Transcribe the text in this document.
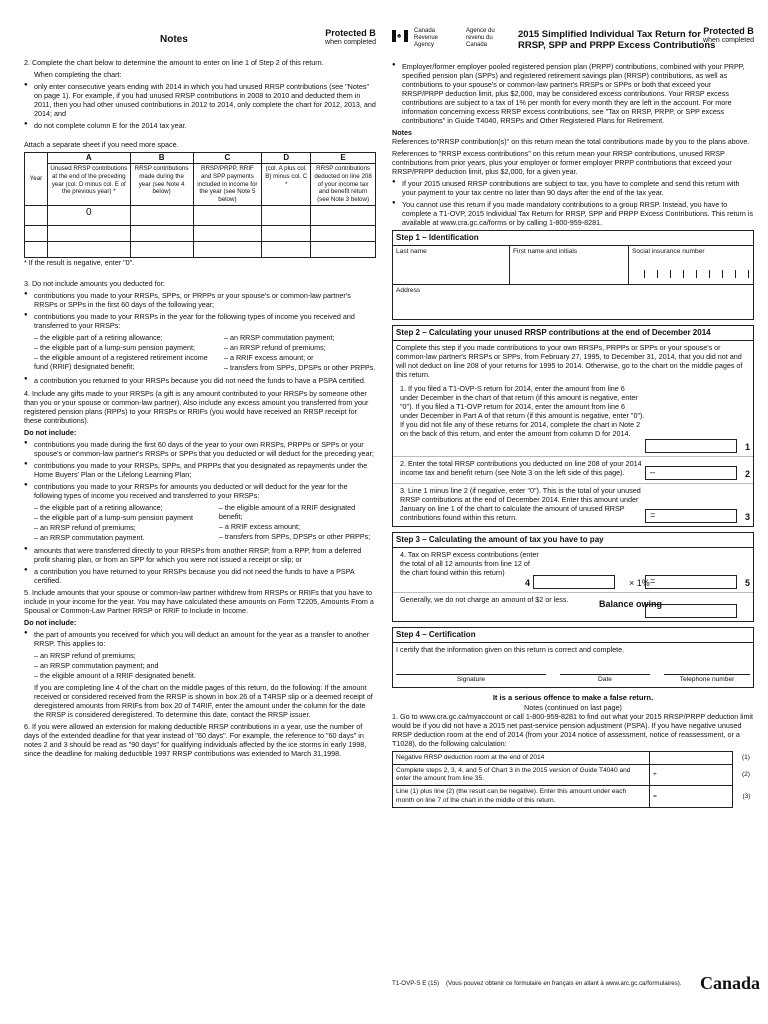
Notes
Protected B
when completed
♠ Canada Revenue Agency
Agence du revenu du Canada
2015 Simplified Individual Tax Return for
RRSP, SPP and PRPP Excess Contributions
Protected B
when completed

2. Complete the chart below to determine the amount to enter on line 1 of Step 2 of this return.

When completing the chart:

● only enter consecutive years ending with 2014 in which you had unused RRSP contributions (see "Notes" on page 1). For example, if you had unused RRSP contributions in 2008 to 2010 and deducted them in 2011, then you had other unused contributions in 2012 to 2014, only complete the chart for 2012, 2013, and 2014; and
● do not complete column E for the 2014 tax year.

Attach a separate sheet if you need more space.

Year	A	B	C	D	E
	Unused RRSP contributions at the end of the preceding year (col. D minus col. E of the previous year) *	RRSP contributions made during the year (see Note 4 below)	RRSP/PRPP, RRIF and SPP payments included in income for the year (see Note 5 below)	(col. A plus col. B) minus col. C *	RRSP contributions deducted on line 208 of your income tax and benefit return (see Note 3 below)
	0				

* If the result is negative, enter "0".

3. Do not include amounts you deducted for:

● contributions you made to your RRSPs, SPPs, or PRPPs or your spouse's or common-law partner's RRSPs or SPPs in the first 60 days of the following year;
● contributions you made to your RRSPs in the year for the following types of income you received and transferred to your RRSPs:
– the eligible part of a retiring allowance;
– the eligible part of a lump-sum pension payment;
– the eligible amount of a registered retirement income fund (RRIF) designated benefit;
– an RRSP commutation payment;
– an RRSP refund of premiums;
– a RRIF excess amount; or
– transfers from SPPs, DPSPs or other PRPPs.
● a contribution you returned to your RRSPs because you did not need the funds to have a PSPA certified.

4. Include any gifts made to your RRSPs (a gift is any amount contributed to your RRSPs by someone other than you or your spouse or common-law partner). Also include any excess amount you transferred from your registered pension plans (RPPs) to your RRSPs or RRIFs (you would have received an RRSP receipt for these contributions).

Do not include:

● contributions you made during the first 60 days of the year to your own RRSPs, PRPPs or SPPs or your spouse's or common-law partner's RRSPs or SPPs that you deducted or will deduct for the preceding year;
● contributions you made to your RRSPs, SPPs, and PRPPs that you designated as repayments under the Home Buyers' Plan or the Lifelong Learning Plan;
● contributions you made to your RRSPs for amounts you deducted or will deduct for the year for the following types of income you received and transferred to your RRSPs:
– the eligible part of a retiring allowance;
– the eligible part of a lump-sum pension payment
– an RRSP refund of premiums;
– an RRSP commutation payment.
– the eligible amount of a RRIF designated benefit;
– a RRIF excess amount;
– transfers from SPPs, DPSPs or other PRPPs;
● amounts that were transferred directly to your RRSPs from another RRSP, from a RPP, from a deferred profit sharing plan, or from an SPP for which you were not issued a receipt or slip; or
● a contribution you have returned to your RRSPs because you did not need the funds to have a PSPA certified.

5. Include amounts that your spouse or common-law partner withdrew from RRSPs or RRIFs that you have to include in your income for the year. You may have calculated these amounts on Form T2205, Amounts From a Spousal or Common-Law Partner RRSP or RRIF to Include in Income.

Do not include:

● the part of amounts you received for which you will deduct an amount for the year as a transfer to another RRSP. This applies to:
– an RRSP refund of premiums;
– an RRSP commutation payment; and
– the eligible amount of a RRIF designated benefit.

If you are completing line 4 of the chart on the middle pages of this return, do the following: If the amount received or considered received from the RRSP is shown in box 26 of a T4RSP slip or a deemed receipt of deregistered amounts from RRIFs from box 20 of T4RIF, enter the amount under the column for the date the RRSP is considered deregistered. To determine this date, contact the RRSP issuer.

6. If you were allowed an extension for making deductible RRSP contributions in a year, use the number of days of the extended deadline for that year instead of "60 days". For example, the reference to "60 days" in notes 2 and 3 should be read as "90 days" for qualifying individuals affected by the ice storms in early 1998, since the deadline for making deductible 1997 RRSP contributions was extended to March 31,1998.

● Employer/former employer pooled registered pension plan (PRPP) contributions, combined with your PRPP, specified pension plan (SPPs) and registered retirement savings plan (RRSP) contributions, as well as contributions to your spouse's or common-law partner's RRSPs or SPPs or both that exceed your RRSP/PRPP deduction limit, plus $2,000, may be considered excess contributions. Your RRSP excess contributions are subject to a tax of 1% per month for every month they are left in the account. For more information concerning excess RRSP excess contributions, see "Tax on RRSP, PRPP, or SPP excess contributions" in Guide T4040, RRSPs and Other Registered Plans for Retirement.

Notes

References to"RRSP contribution(s)" on this return mean the total contributions made by you to the plans above.

References to "RRSP excess contributions" on this return mean your RRSP contributions, unused RRSP contributions from prior years, plus your employer or former employer PRPP contributions that exceed your RRSP/PRPP deduction limit, plus $2,000, for a given year.

● If your 2015 unused RRSP contributions are subject to tax, you have to complete and send this return with your payment to your tax centre no later than 90 days after the end of the tax year.
● You cannot use this return if you made mandatory contributions to a group RRSP. Instead, you have to complete a T1-OVP, 2015 Individual Tax Return for RRSP, SPP and PRPP Excess Contributions. This return is available at www.cra.gc.ca/forms or by calling 1-800-959-8281.
Step 1 – Identification
Last name	First name and initials	Social insurance number
Address
Step 2 – Calculating your unused RRSP contributions at the end of December 2014

Complete this step if you made contributions to your own RRSPs, PRPPs or SPPs or your spouse's or common-law partner's RRSPs or SPPs, from February 27, 1995, to December 31, 2014, that you did not and will not deduct on line 208 of your returns for 1995 to 2014. Otherwise, go to the chart on the middle pages of this return.

1. If you filed a T1-OVP-S return for 2014, enter the amount from line 6 under December in the chart of that return (if this amount is negative, enter "0"). If you filed a T1-OVP return for 2014, enter the amount from line 6 under December in Part A of that return (if this amount is negative, enter "0"). If you did not file any of these returns for 2014, complete the chart in Note 2 on the back of this return, and enter the amount from column D for 2014.
1
2. Enter the total RRSP contributions you deducted on line 208 of your 2014 income tax and benefit return (see Note 3 on the left side of this page).	–	2
3. Line 1 minus line 2 (if negative, enter "0"). This is the total of your unused RRSP contributions at the end of December 2014. Enter this amount under January on line 1 of the chart to calculate the amount of unused RRSP contributions found within this return.	=	3
Step 3 – Calculating the amount of tax you have to pay
4. Tax on RRSP excess contributions (enter the total of all 12 amounts from line 12 of the chart found within this return)
4	× 1% =	5
Generally, we do not charge an amount of $2 or less.	Balance owing
Step 4 – Certification

I certify that the information given on this return is correct and complete.

Signature	Date	Telephone number

It is a serious offence to make a false return.

Notes (continued on last page)

1. Go to www.cra.gc.ca/myaccount or call 1-800-959-8281 to find out what your 2015 RRSP/PRPP deduction limit would be if you did not have a 2015 net past-service pension adjustment (PSPA). If you have negative unused RRSP deduction room at the end of 2014 (from your 2014 notice of assessment, notice of reassessment, or a T1028), do the following calculation:

Negative RRSP deduction room at the end of 2014		(1)
Complete steps 2, 3, 4, and 5 of Chart 3 in the 2015 version of Guide T4040 and enter the amount from line 35.	+	(2)
Line (1) plus line (2) (the result can be negative). Enter this amount under each month on line 7 of the chart in the middle of this return.	=	(3)
T1-OVP-S E (15) (Vous pouvez obtenir ce formulaire en français en allant à www.arc.gc.ca/formulaires).	Canada
